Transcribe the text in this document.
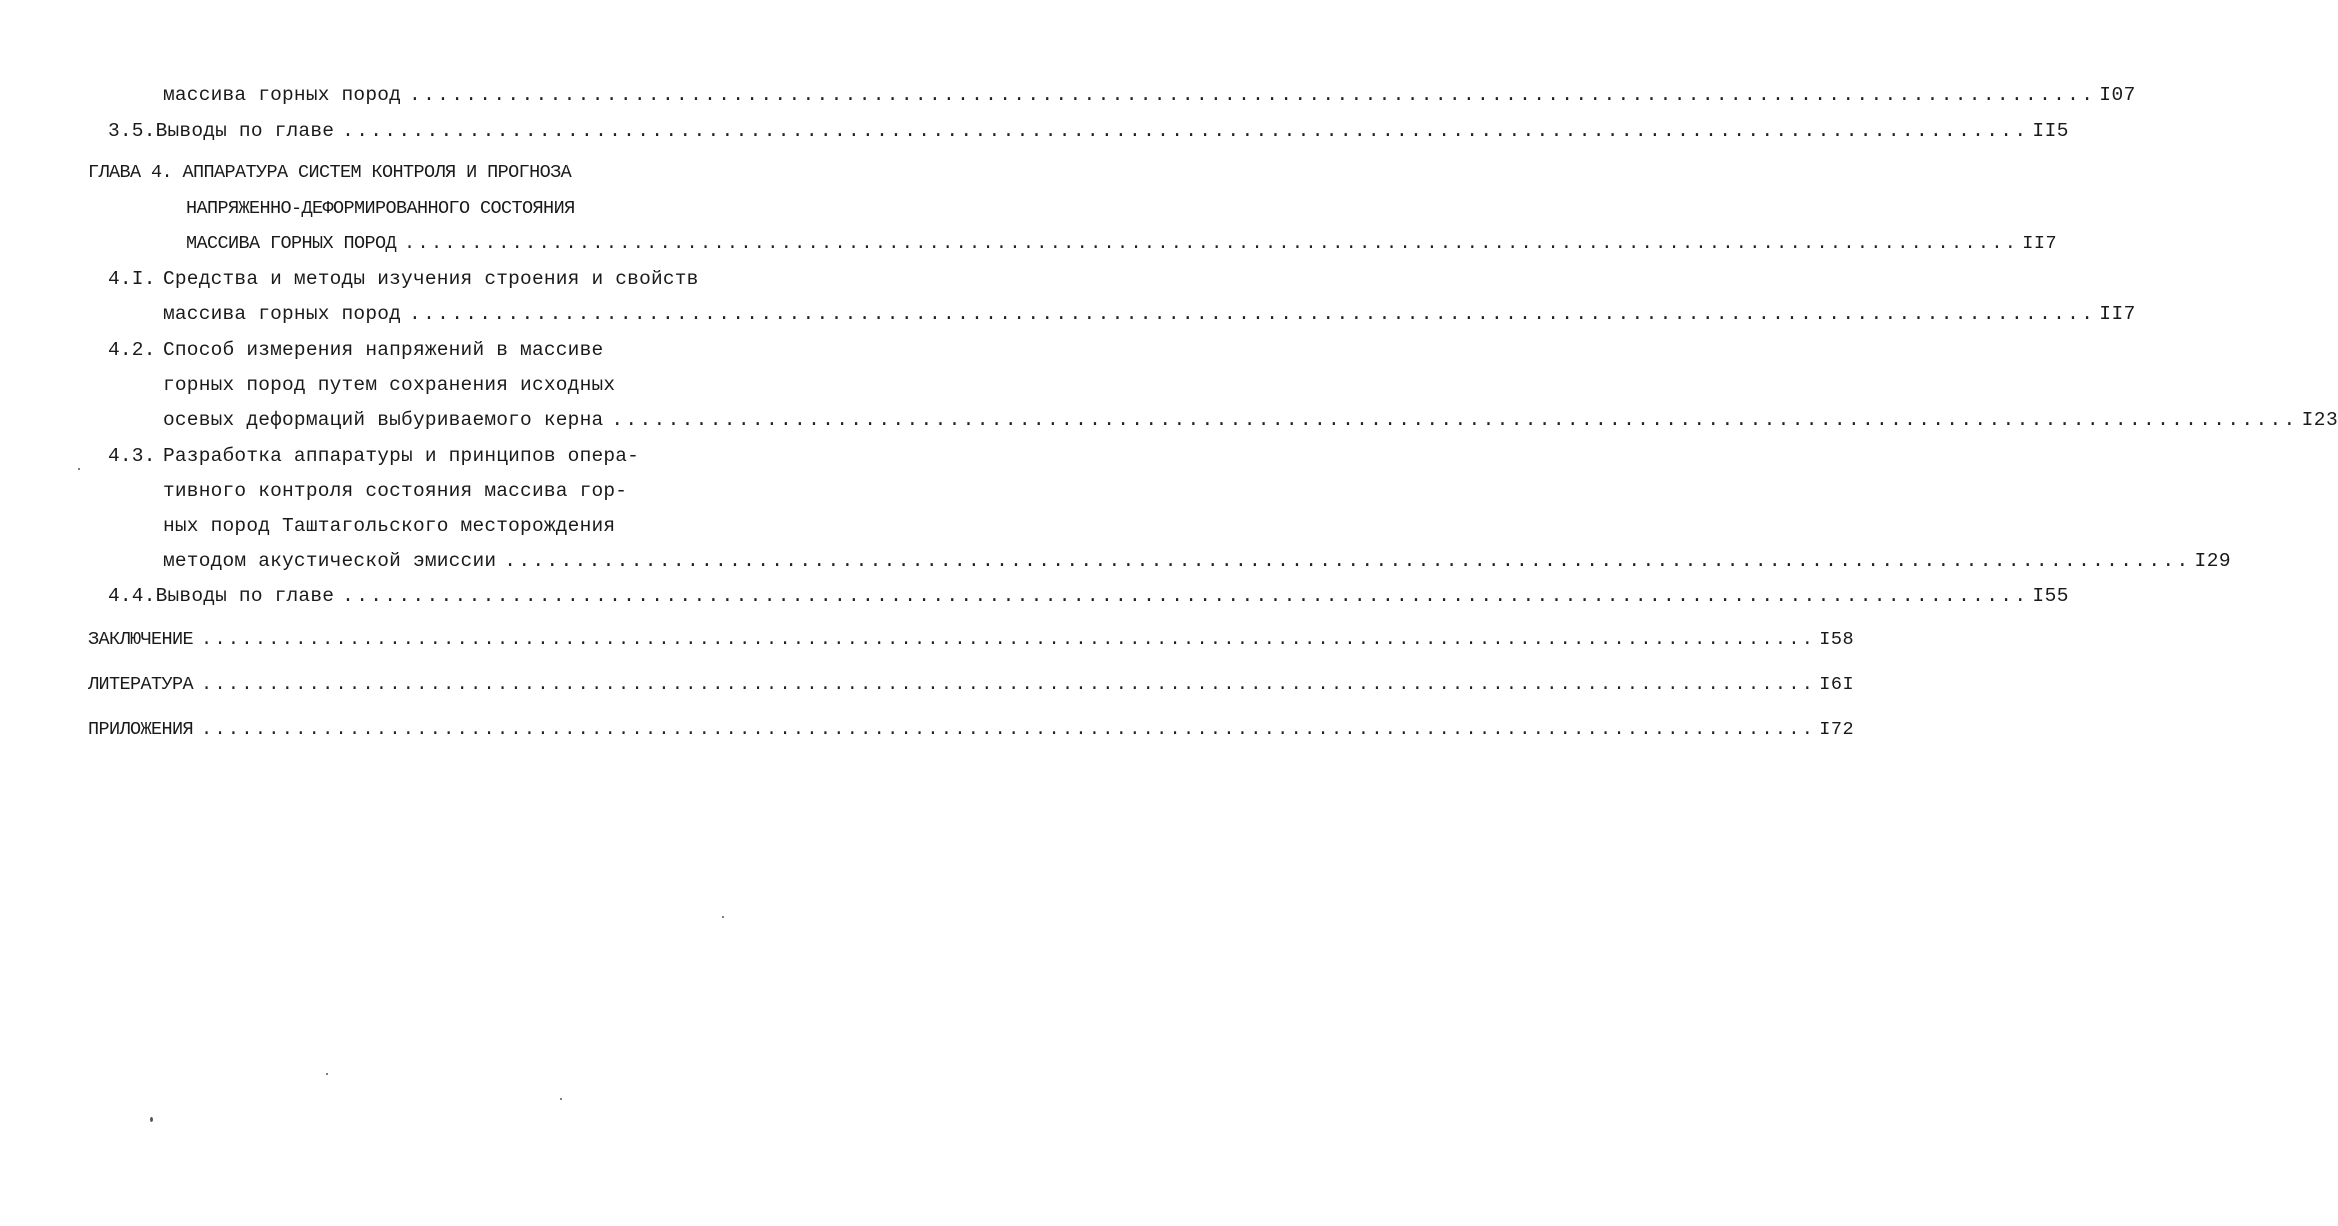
массива горных пород ........................................................................................................................ I07
3.5. Выводы по главе ........................................................................................................................ II5
ГЛАВА 4. АППАРАТУРА СИСТЕМ КОНТРОЛЯ И ПРОГНОЗА
НАПРЯЖЕННО-ДЕФОРМИРОВАННОГО СОСТОЯНИЯ
МАССИВА ГОРНЫХ ПОРОД ........................................................................................................................ II7
4.I. Средства и методы изучения строения и свойств
массива горных пород ........................................................................................................................ II7
4.2. Способ измерения напряжений в массиве
горных пород путем сохранения исходных
осевых деформаций выбуриваемого керна ........................................................................................................................ I23
4.3. Разработка аппаратуры и принципов опера-
тивного контроля состояния массива гор-
ных пород Таштагольского месторождения
методом акустической эмиссии ........................................................................................................................ I29
4.4. Выводы по главе ........................................................................................................................ I55
ЗАКЛЮЧЕНИЕ ........................................................................................................................ I58
ЛИТЕРАТУРА ........................................................................................................................ I6I
ПРИЛОЖЕНИЯ ........................................................................................................................ I72
